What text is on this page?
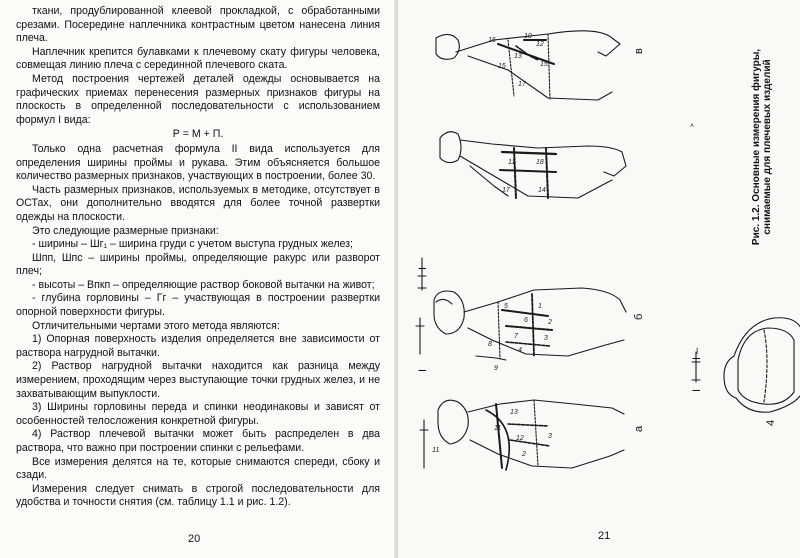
ткани, продублированной клеевой прокладкой, с обработанными срезами. Посередине наплечника контрастным цветом нанесена линия плеча.

Наплечник крепится булавками к плечевому скату фигуры человека, совмещая линию плеча с серединной плечевого ската.

Метод построения чертежей деталей одежды основывается на графических приемах перенесения размерных признаков фигуры на плоскость в определенной последовательности с использованием формул I вида:

Р = М + П.

Только одна расчетная формула II вида используется для определения ширины проймы и рукава. Этим объясняется большое количество размерных признаков, участвующих в построении, более 30.

Часть размерных признаков, используемых в методике, отсутствует в ОСТах, они дополнительно вводятся для более точной развертки одежды на плоскости.

Это следующие размерные признаки:

- ширины – Шг₁ – ширина груди с учетом выступа грудных желез;

Шпп, Шпс – ширины проймы, определяющие ракурс или разворот плеч;

- высоты – Впкп – определяющие раствор боковой вытачки на живот;

- глубина горловины – Гг – участвующая в построении развертки опорной поверхности фигуры.

Отличительными чертами этого метода являются:

1) Опорная поверхность изделия определяется вне зависимости от раствора нагрудной вытачки.

2) Раствор нагрудной вытачки находится как разница между измерением, проходящим через выступающие точки грудных желез, и не захватывающим выпуклости.

3) Ширины горловины переда и спинки неодинаковы и зависят от особенностей телосложения конкретной фигуры.

4) Раствор плечевой вытачки может быть распределен в два раствора, что важно при построении спинки с рельефами.

Все измерения делятся на те, которые снимаются спереди, сбоку и сзади.

Измерения следует снимать в строгой последовательности для удобства и точности снятия (см. таблицу 1.1 и рис. 1.2).

20
в
б
а
I
I
I –
I
4
16
10
12
13
15
17
15
11	18
17	14
5
6
7
8
9
1
2
3
4
13
11
12	3
2
11
˄	Рис. 1.2. Основные измерения фигуры, снимаемые для плечевых изделий
21
